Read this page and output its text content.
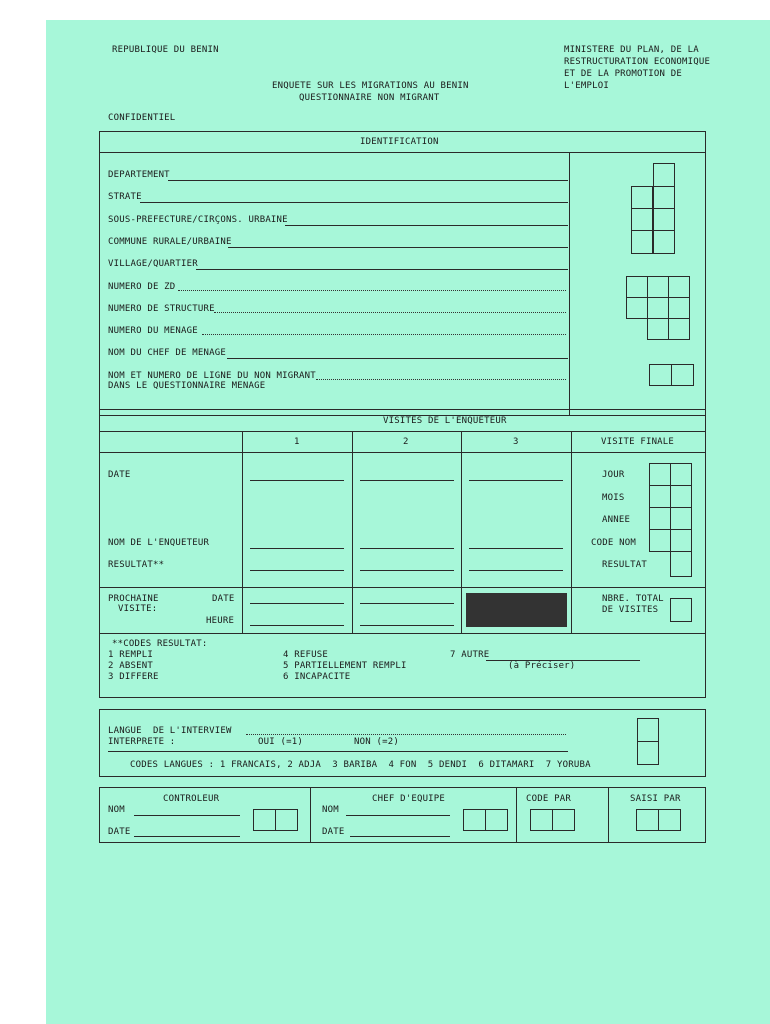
REPUBLIQUE DU BENIN	MINISTERE DU PLAN, DE LA
RESTRUCTURATION ECONOMIQUE
ET DE LA PROMOTION DE
L'EMPLOI
ENQUETE SUR LES MIGRATIONS AU BENIN
QUESTIONNAIRE NON MIGRANT
CONFIDENTIEL
IDENTIFICATION
DEPARTEMENT
STRATE
SOUS-PREFECTURE/CIRÇONS. URBAINE
COMMUNE RURALE/URBAINE
VILLAGE/QUARTIER
NUMERO DE ZD
NUMERO DE STRUCTURE
NUMERO DU MENAGE
NOM DU CHEF DE MENAGE
NOM ET NUMERO DE LIGNE DU NON MIGRANT
DANS LE QUESTIONNAIRE MENAGE
VISITES DE L'ENQUETEUR
1	2	3	VISITE FINALE
DATE
NOM DE L'ENQUETEUR
RESULTAT**
PROCHAINE
VISITE:
DATE
HEURE
JOUR
MOIS
ANNEE
CODE NOM
RESULTAT
NBRE. TOTAL
DE VISITES
**CODES RESULTAT:
1 REMPLI
2 ABSENT
3 DIFFERE
4 REFUSE
5 PARTIELLEMENT REMPLI
6 INCAPACITE
7 AUTRE
(à Préciser)
LANGUE  DE L'INTERVIEW
INTERPRETE :	OUI (=1)	NON (=2)
CODES LANGUES : 1 FRANCAIS, 2 ADJA  3 BARIBA  4 FON  5 DENDI  6 DITAMARI  7 YORUBA
CONTROLEUR
NOM
DATE
CHEF D'EQUIPE
NOM
DATE
CODE PAR	SAISI PAR
